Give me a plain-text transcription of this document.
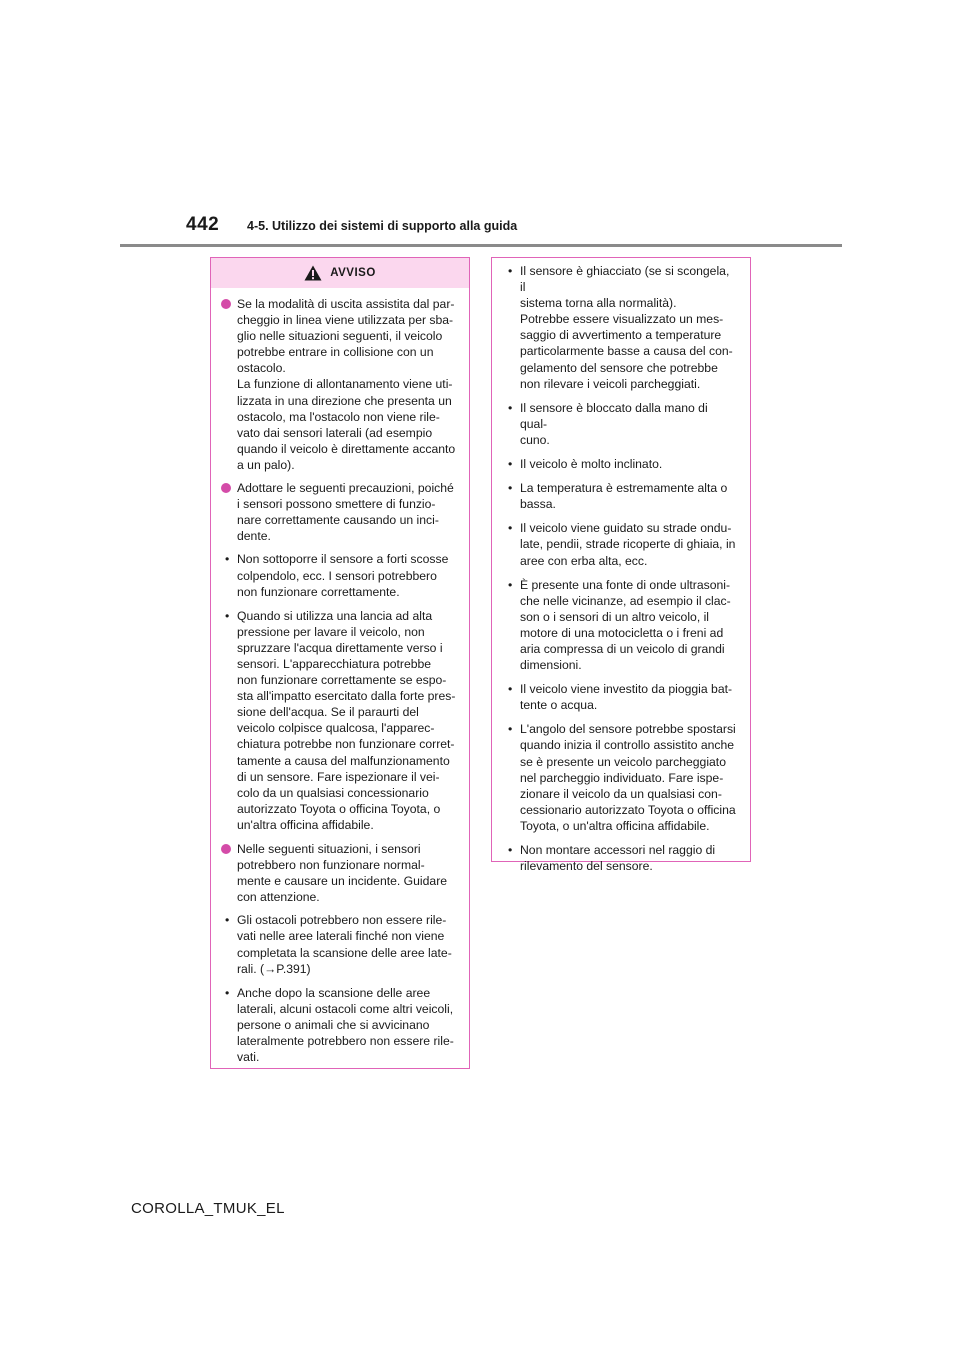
442 4-5. Utilizzo dei sistemi di supporto alla guida
AVVISO
Se la modalità di uscita assistita dal par-
cheggio in linea viene utilizzata per sba-
glio nelle situazioni seguenti, il veicolo
potrebbe entrare in collisione con un
ostacolo.
La funzione di allontanamento viene uti-
lizzata in una direzione che presenta un
ostacolo, ma l'ostacolo non viene rile-
vato dai sensori laterali (ad esempio
quando il veicolo è direttamente accanto
a un palo).
Adottare le seguenti precauzioni, poiché
i sensori possono smettere di funzio-
nare correttamente causando un inci-
dente.
• Non sottoporre il sensore a forti scosse
colpendolo, ecc. I sensori potrebbero
non funzionare correttamente.
• Quando si utilizza una lancia ad alta
pressione per lavare il veicolo, non
spruzzare l'acqua direttamente verso i
sensori. L'apparecchiatura potrebbe
non funzionare correttamente se espo-
sta all'impatto esercitato dalla forte pres-
sione dell'acqua. Se il paraurti del
veicolo colpisce qualcosa, l'apparec-
chiatura potrebbe non funzionare corret-
tamente a causa del malfunzionamento
di un sensore. Fare ispezionare il vei-
colo da un qualsiasi concessionario
autorizzato Toyota o officina Toyota, o
un'altra officina affidabile.
Nelle seguenti situazioni, i sensori
potrebbero non funzionare normal-
mente e causare un incidente. Guidare
con attenzione.
• Gli ostacoli potrebbero non essere rile-
vati nelle aree laterali finché non viene
completata la scansione delle aree late-
rali. (→P.391)
• Anche dopo la scansione delle aree
laterali, alcuni ostacoli come altri veicoli,
persone o animali che si avvicinano
lateralmente potrebbero non essere rile-
vati.
• Il sensore è ghiacciato (se si scongela, il
sistema torna alla normalità).
Potrebbe essere visualizzato un mes-
saggio di avvertimento a temperature
particolarmente basse a causa del con-
gelamento del sensore che potrebbe
non rilevare i veicoli parcheggiati.
• Il sensore è bloccato dalla mano di qual-
cuno.
• Il veicolo è molto inclinato.
• La temperatura è estremamente alta o
bassa.
• Il veicolo viene guidato su strade ondu-
late, pendii, strade ricoperte di ghiaia, in
aree con erba alta, ecc.
• È presente una fonte di onde ultrasoni-
che nelle vicinanze, ad esempio il clac-
son o i sensori di un altro veicolo, il
motore di una motocicletta o i freni ad
aria compressa di un veicolo di grandi
dimensioni.
• Il veicolo viene investito da pioggia bat-
tente o acqua.
• L'angolo del sensore potrebbe spostarsi
quando inizia il controllo assistito anche
se è presente un veicolo parcheggiato
nel parcheggio individuato. Fare ispe-
zionare il veicolo da un qualsiasi con-
cessionario autorizzato Toyota o officina
Toyota, o un'altra officina affidabile.
• Non montare accessori nel raggio di
rilevamento del sensore.
COROLLA_TMUK_EL
